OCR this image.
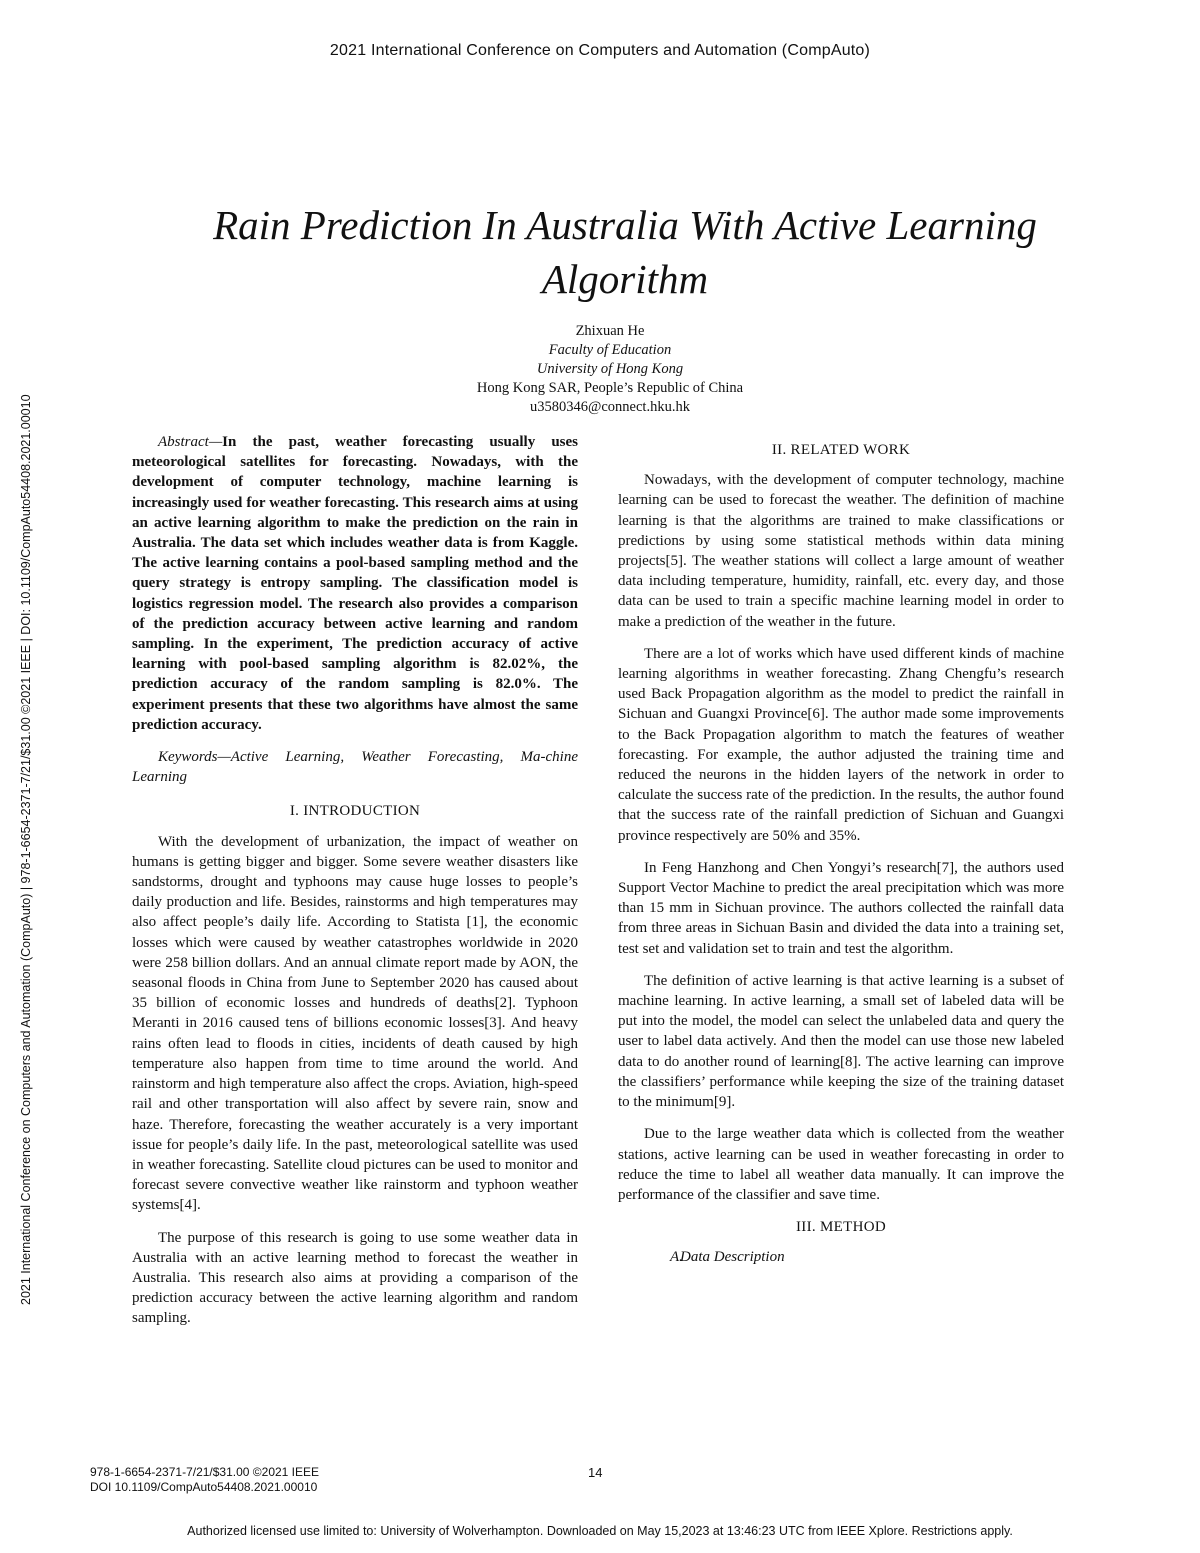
2021 International Conference on Computers and Automation (CompAuto)
2021 International Conference on Computers and Automation (CompAuto) | 978-1-6654-2371-7/21/$31.00 ©2021 IEEE | DOI: 10.1109/CompAuto54408.2021.00010
Rain Prediction In Australia With Active Learning Algorithm
Zhixuan He
Faculty of Education
University of Hong Kong
Hong Kong SAR, People’s Republic of China
u3580346@connect.hku.hk

Abstract—In the past, weather forecasting usually uses meteorological satellites for forecasting. Nowadays, with the development of computer technology, machine learning is increasingly used for weather forecasting. This research aims at using an active learning algorithm to make the prediction on the rain in Australia. The data set which includes weather data is from Kaggle. The active learning contains a pool-based sampling method and the query strategy is entropy sampling. The classification model is logistics regression model. The research also provides a comparison of the prediction accuracy between active learning and random sampling. In the experiment, The prediction accuracy of active learning with pool-based sampling algorithm is 82.02%, the prediction accuracy of the random sampling is 82.0%. The experiment presents that these two algorithms have almost the same prediction accuracy.

Keywords—Active Learning, Weather Forecasting, Ma-chine Learning

I. INTRODUCTION

With the development of urbanization, the impact of weather on humans is getting bigger and bigger. Some severe weather disasters like sandstorms, drought and typhoons may cause huge losses to people’s daily production and life. Besides, rainstorms and high temperatures may also affect people’s daily life. According to Statista [1], the economic losses which were caused by weather catastrophes worldwide in 2020 were 258 billion dollars. And an annual climate report made by AON, the seasonal floods in China from June to September 2020 has caused about 35 billion of economic losses and hundreds of deaths[2]. Typhoon Meranti in 2016 caused tens of billions economic losses[3]. And heavy rains often lead to floods in cities, incidents of death caused by high temperature also happen from time to time around the world. And rainstorm and high temperature also affect the crops. Aviation, high-speed rail and other transportation will also affect by severe rain, snow and haze. Therefore, forecasting the weather accurately is a very important issue for people’s daily life. In the past, meteorological satellite was used in weather forecasting. Satellite cloud pictures can be used to monitor and forecast severe convective weather like rainstorm and typhoon weather systems[4].

The purpose of this research is going to use some weather data in Australia with an active learning method to forecast the weather in Australia. This research also aims at providing a comparison of the prediction accuracy between the active learning algorithm and random sampling.

II. RELATED WORK

Nowadays, with the development of computer technology, machine learning can be used to forecast the weather. The definition of machine learning is that the algorithms are trained to make classifications or predictions by using some statistical methods within data mining projects[5]. The weather stations will collect a large amount of weather data including temperature, humidity, rainfall, etc. every day, and those data can be used to train a specific machine learning model in order to make a prediction of the weather in the future.

There are a lot of works which have used different kinds of machine learning algorithms in weather forecasting. Zhang Chengfu’s research used Back Propagation algorithm as the model to predict the rainfall in Sichuan and Guangxi Province[6]. The author made some improvements to the Back Propagation algorithm to match the features of weather forecasting. For example, the author adjusted the training time and reduced the neurons in the hidden layers of the network in order to calculate the success rate of the prediction. In the results, the author found that the success rate of the rainfall prediction of Sichuan and Guangxi province respectively are 50% and 35%.

In Feng Hanzhong and Chen Yongyi’s research[7], the authors used Support Vector Machine to predict the areal precipitation which was more than 15 mm in Sichuan province. The authors collected the rainfall data from three areas in Sichuan Basin and divided the data into a training set, test set and validation set to train and test the algorithm.

The definition of active learning is that active learning is a subset of machine learning. In active learning, a small set of labeled data will be put into the model, the model can select the unlabeled data and query the user to label data actively. And then the model can use those new labeled data to do another round of learning[8]. The active learning can improve the classifiers’ performance while keeping the size of the training dataset to the minimum[9].

Due to the large weather data which is collected from the weather stations, active learning can be used in weather forecasting in order to reduce the time to label all weather data manually. It can improve the performance of the classifier and save time.

III. METHOD

A.Data Description

978-1-6654-2371-7/21/$31.00 ©2021 IEEE
DOI 10.1109/CompAuto54408.2021.00010
14
Authorized licensed use limited to: University of Wolverhampton. Downloaded on May 15,2023 at 13:46:23 UTC from IEEE Xplore. Restrictions apply.
